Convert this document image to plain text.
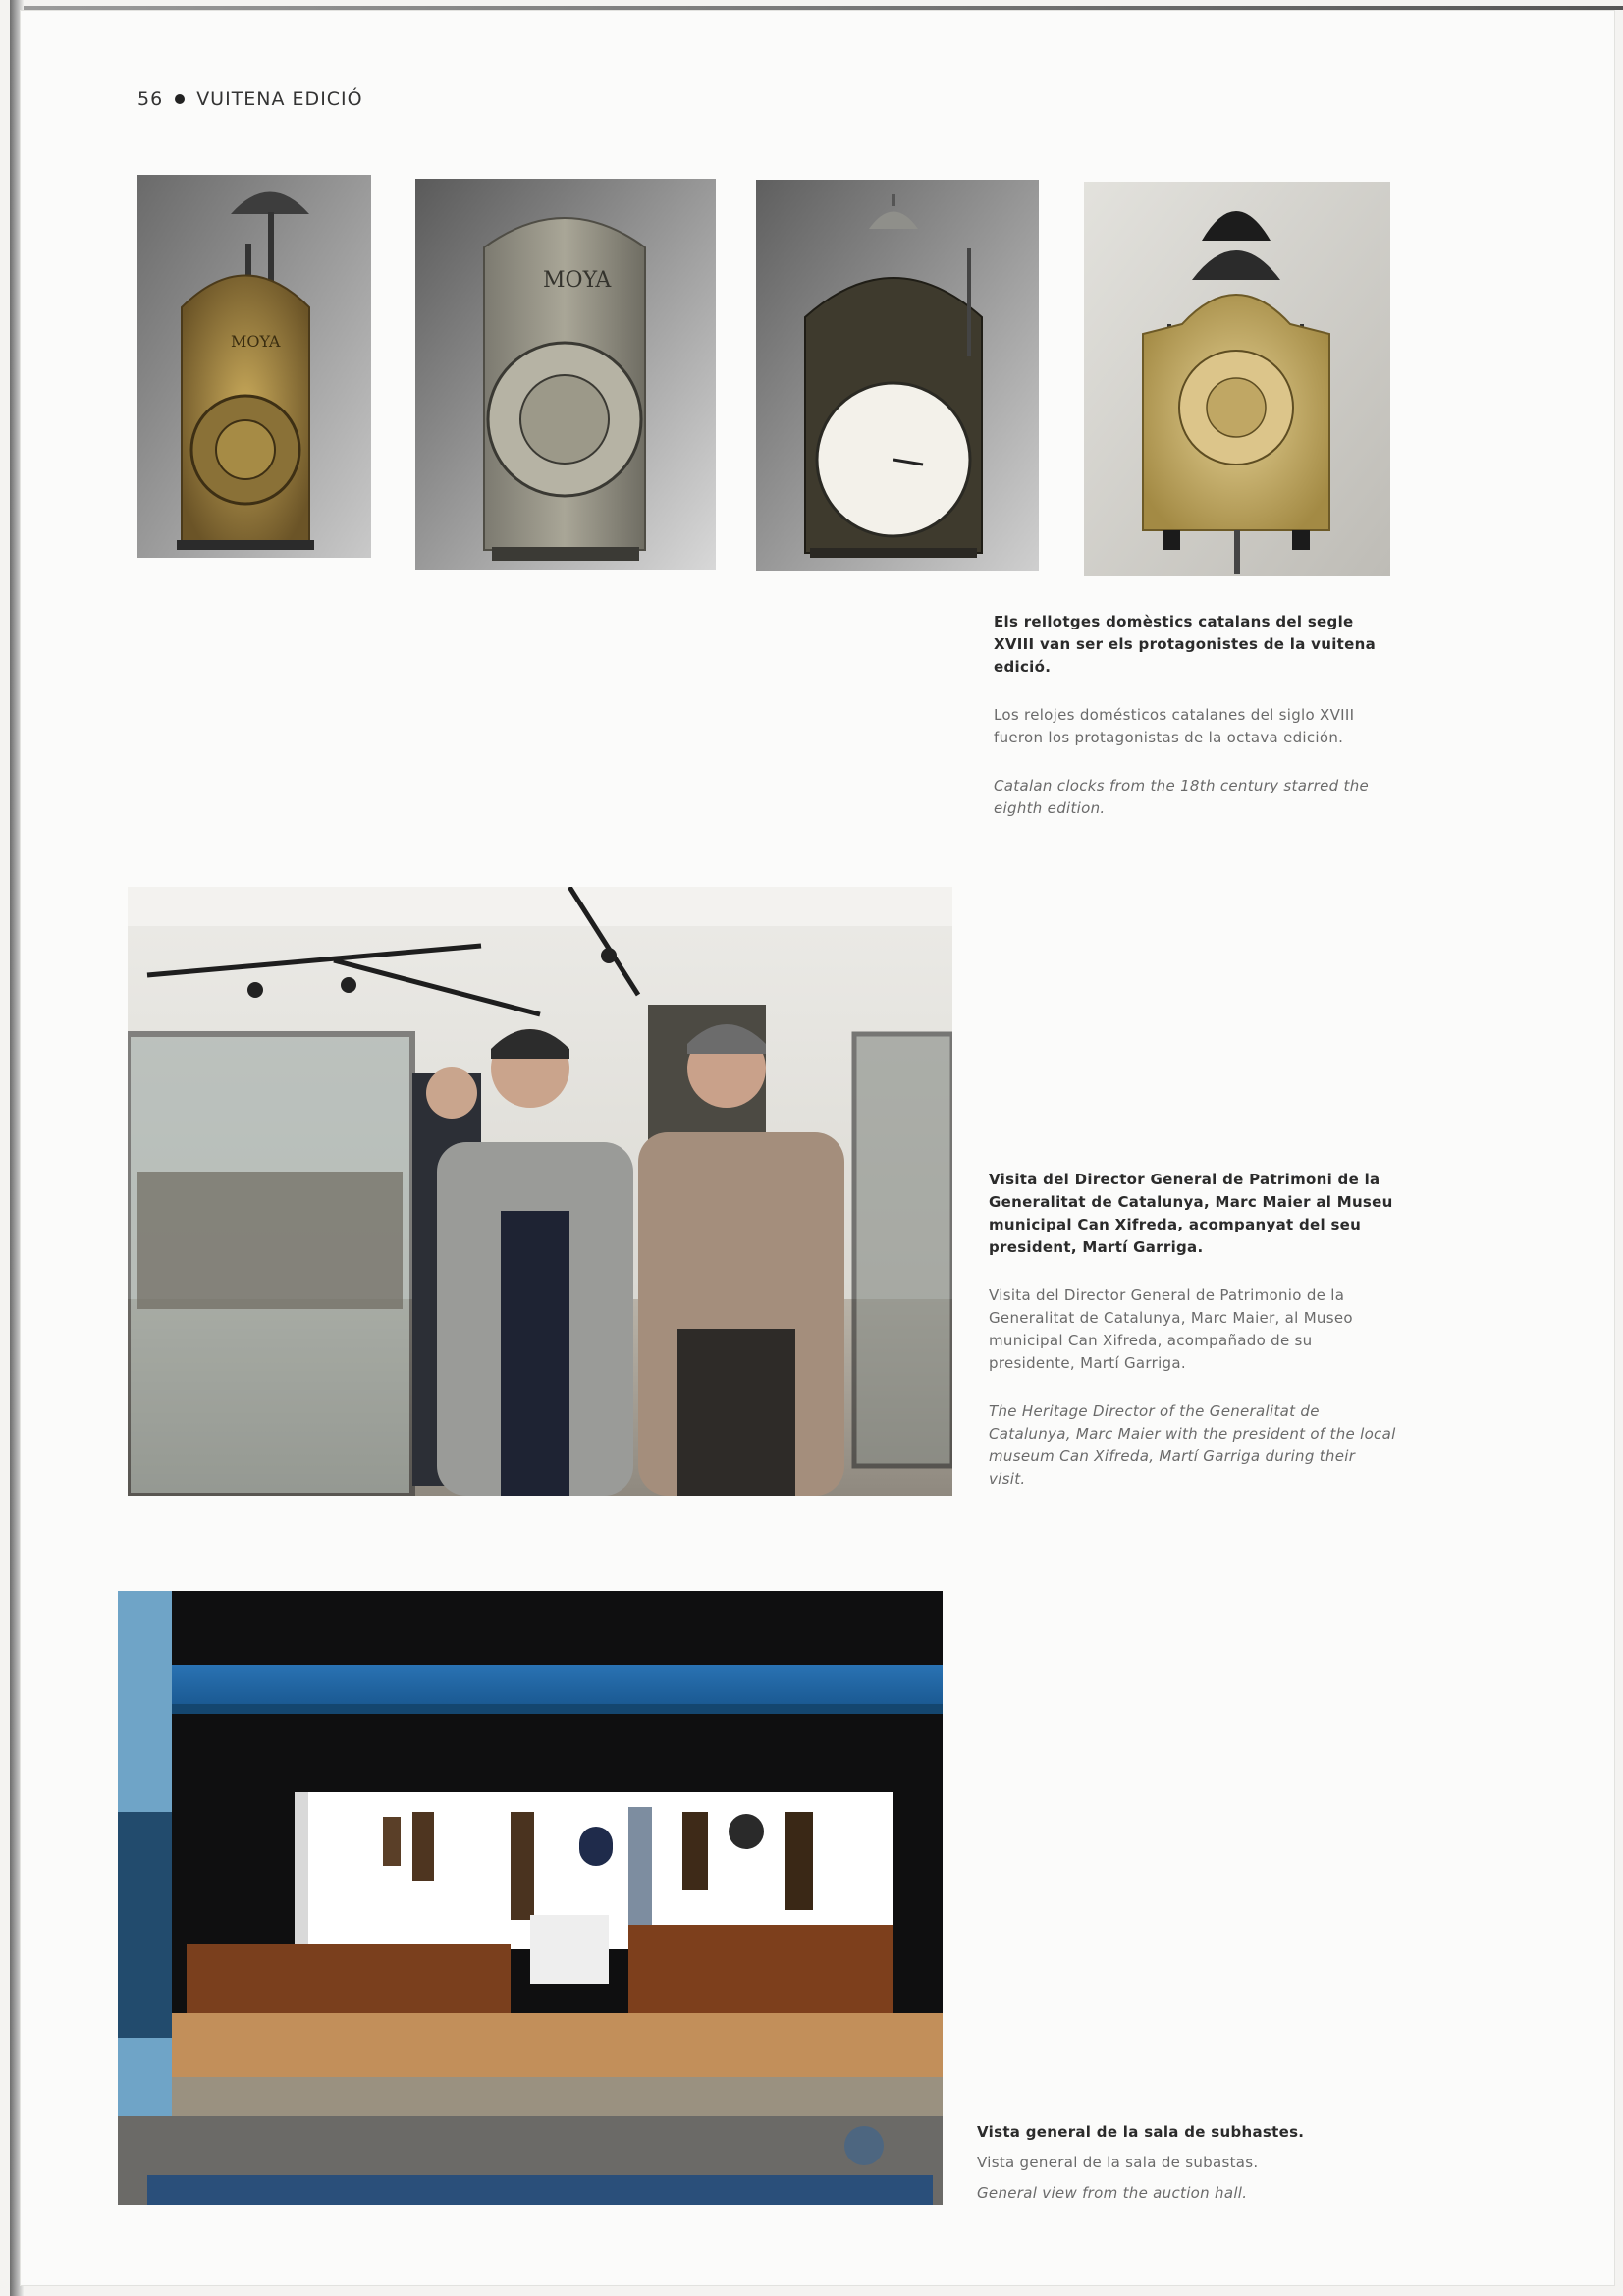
56 VUITENA EDICIÓ
MOYA
MOYA

Els rellotges domèstics catalans del segle XVIII van ser els protagonistes de la vuitena edició.

Los relojes domésticos catalanes del siglo XVIII fueron los protagonistas de la octava edición.

Catalan clocks from the 18th century starred the eighth edition.

Visita del Director General de Patrimoni de la Generalitat de Catalunya, Marc Maier al Museu municipal Can Xifreda, acompanyat del seu president, Martí Garriga.

Visita del Director General de Patrimonio de la Generalitat de Catalunya, Marc Maier, al Museo municipal Can Xifreda, acompañado de su presidente, Martí Garriga.

The Heritage Director of the Generalitat de Catalunya, Marc Maier with the president of the local museum Can Xifreda, Martí Garriga during their visit.

Vista general de la sala de subhastes.

Vista general de la sala de subastas.

General view from the auction hall.
